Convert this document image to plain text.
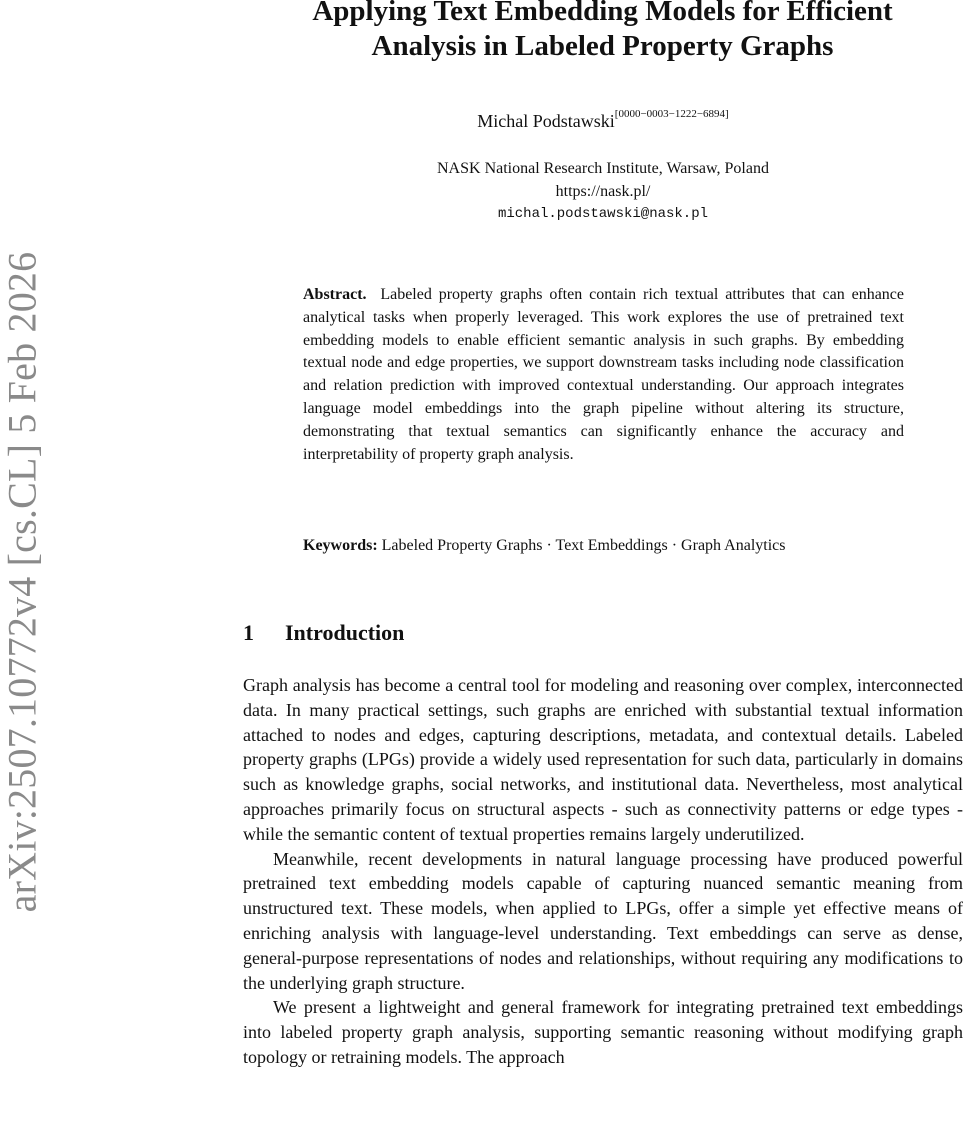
arXiv:2507.10772v4 [cs.CL] 5 Feb 2026
Applying Text Embedding Models for Efficient
Analysis in Labeled Property Graphs
Michal Podstawski[0000−0003−1222−6894]
NASK National Research Institute, Warsaw, Poland
https://nask.pl/
michal.podstawski@nask.pl
Abstract. Labeled property graphs often contain rich textual attributes that can enhance analytical tasks when properly leveraged. This work explores the use of pretrained text embedding models to enable efficient semantic analysis in such graphs. By embedding textual node and edge properties, we support downstream tasks including node classification and relation prediction with improved contextual understanding. Our approach integrates language model embeddings into the graph pipeline without altering its structure, demonstrating that textual semantics can significantly enhance the accuracy and interpretability of property graph analysis.
Keywords: Labeled Property Graphs · Text Embeddings · Graph Analytics
1 Introduction

Graph analysis has become a central tool for modeling and reasoning over complex, interconnected data. In many practical settings, such graphs are enriched with substantial textual information attached to nodes and edges, capturing descriptions, metadata, and contextual details. Labeled property graphs (LPGs) provide a widely used representation for such data, particularly in domains such as knowledge graphs, social networks, and institutional data. Nevertheless, most analytical approaches primarily focus on structural aspects - such as connectivity patterns or edge types - while the semantic content of textual properties remains largely underutilized.

Meanwhile, recent developments in natural language processing have produced powerful pretrained text embedding models capable of capturing nuanced semantic meaning from unstructured text. These models, when applied to LPGs, offer a simple yet effective means of enriching analysis with language-level understanding. Text embeddings can serve as dense, general-purpose representations of nodes and relationships, without requiring any modifications to the underlying graph structure.

We present a lightweight and general framework for integrating pretrained text embeddings into labeled property graph analysis, supporting semantic reasoning without modifying graph topology or retraining models. The approach
